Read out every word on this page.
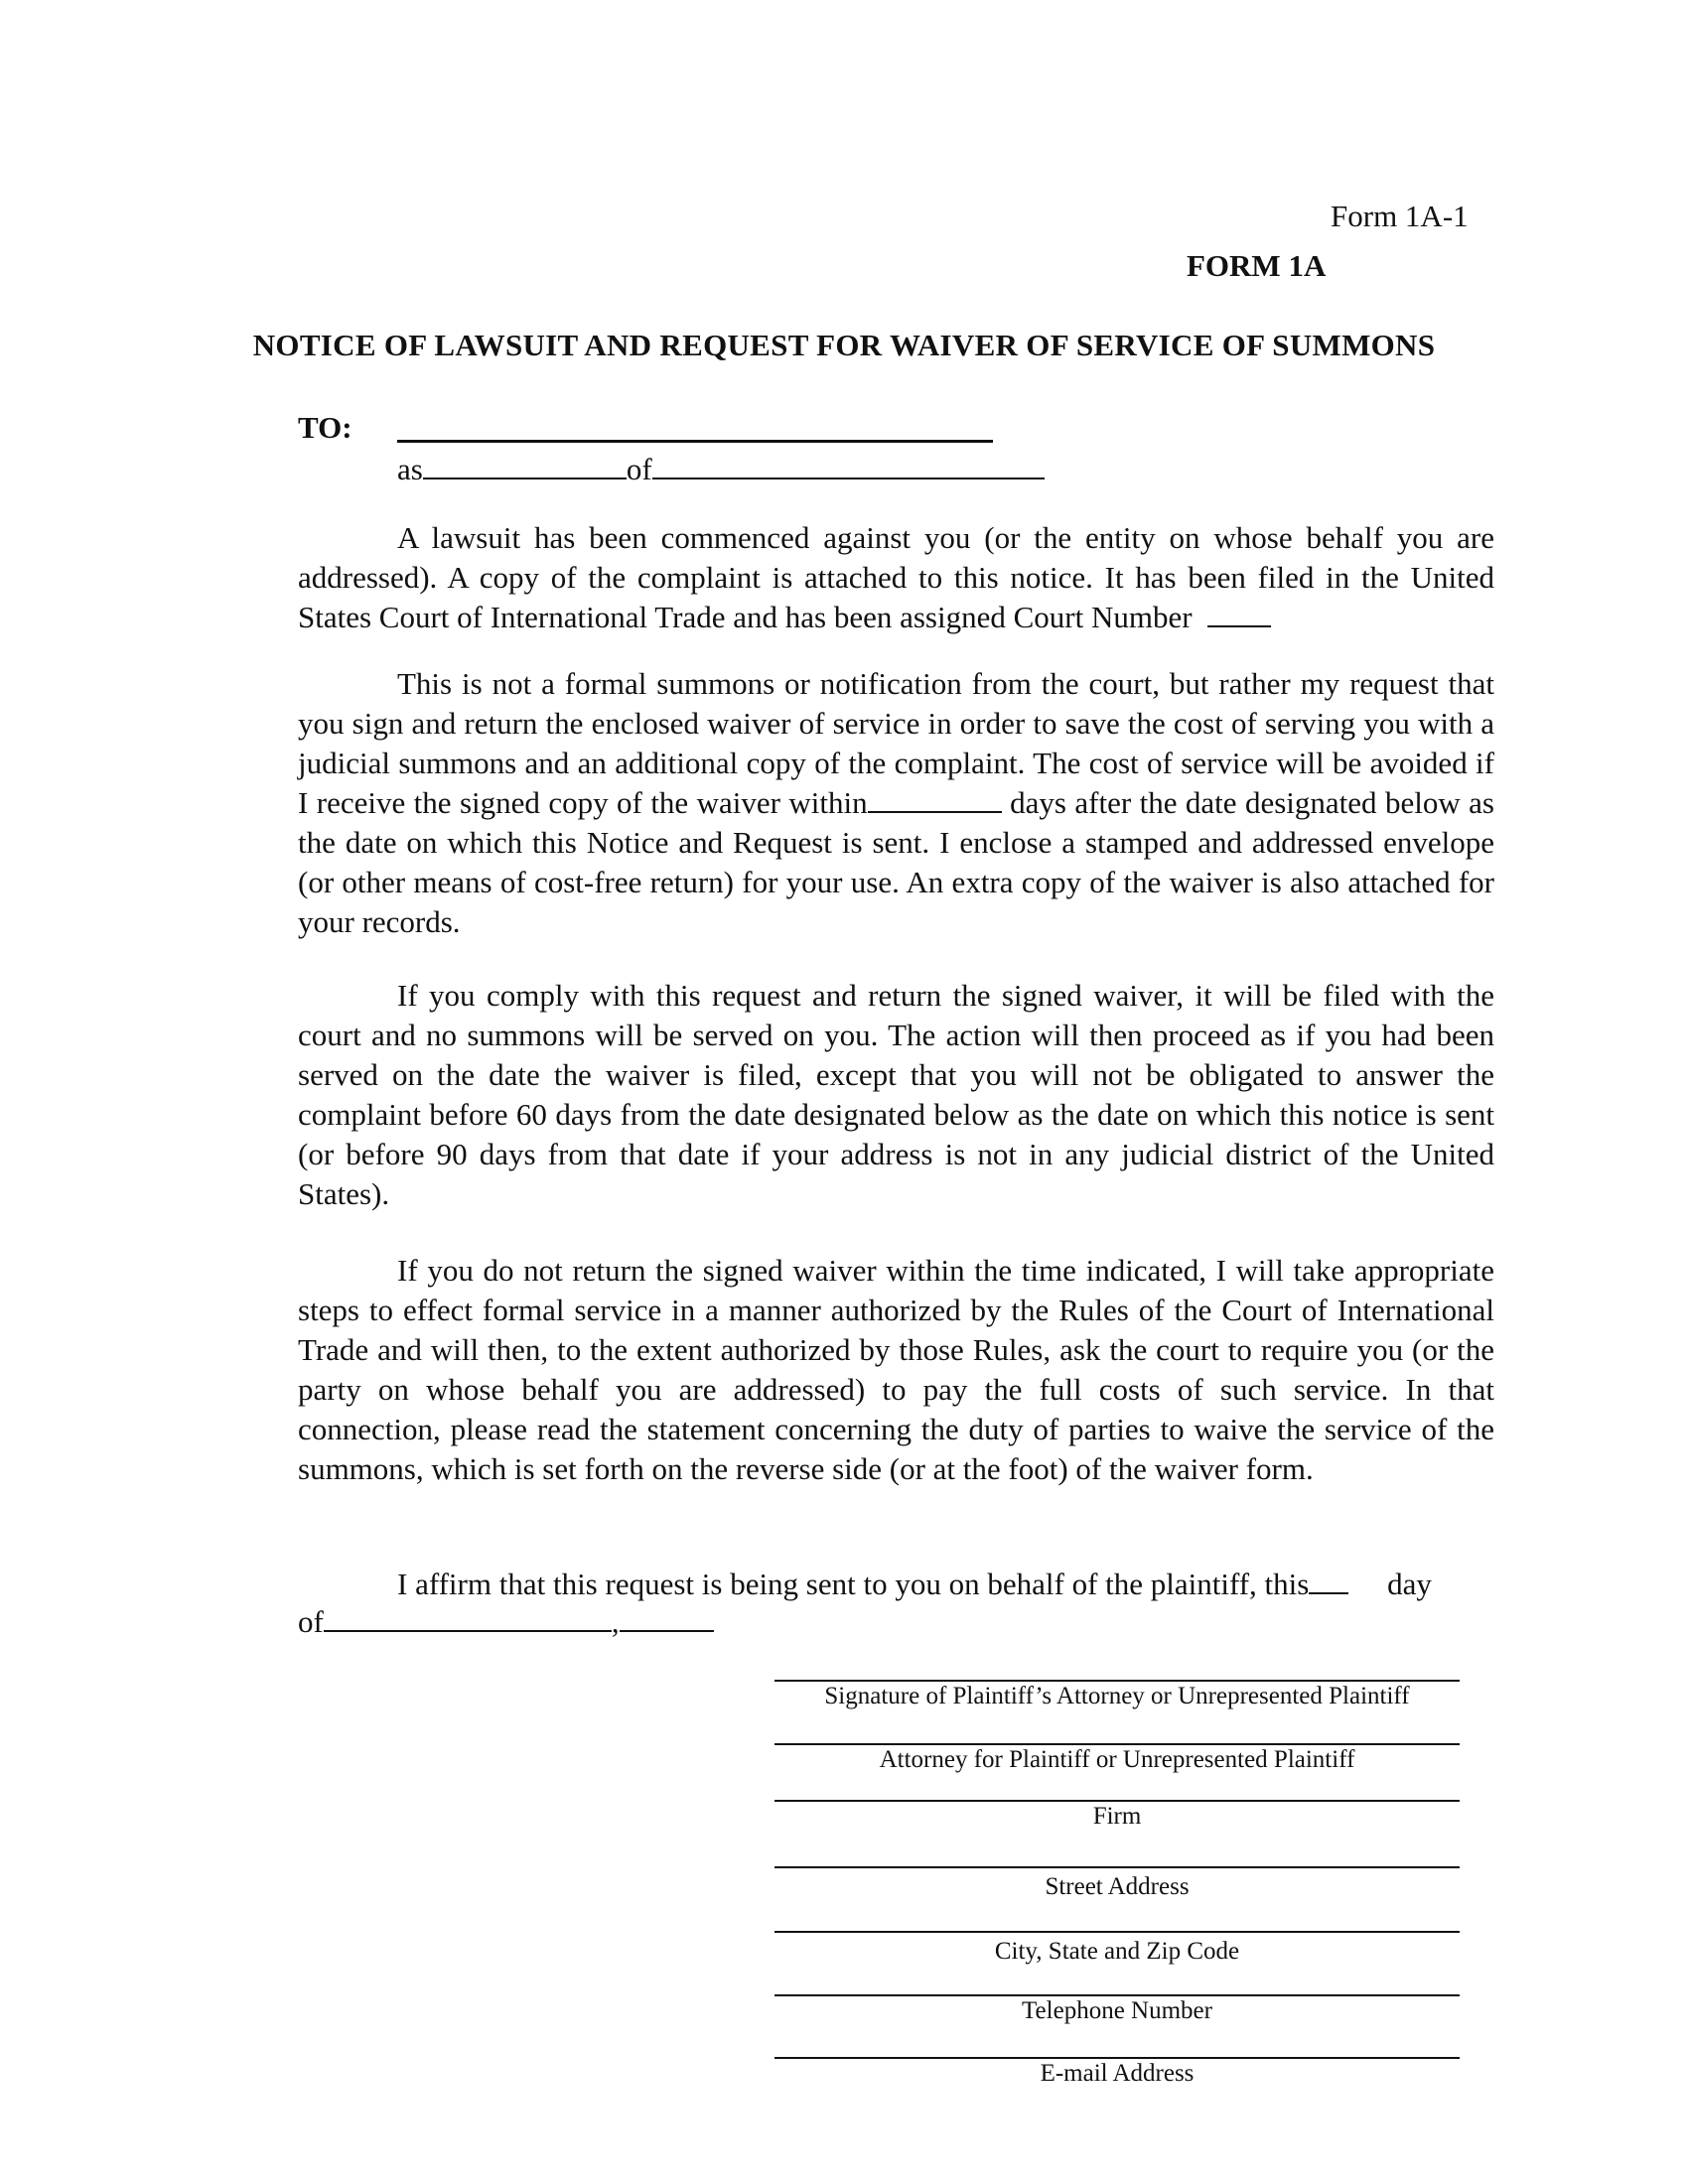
Form 1A-1
FORM 1A
NOTICE OF LAWSUIT AND REQUEST FOR WAIVER OF SERVICE OF SUMMONS
TO:
as	of
A lawsuit has been commenced against you (or the entity on whose behalf you are addressed). A copy of the complaint is attached to this notice. It has been filed in the United States Court of International Trade and has been assigned Court Number
This is not a formal summons or notification from the court, but rather my request that you sign and return the enclosed waiver of service in order to save the cost of serving you with a judicial summons and an additional copy of the complaint. The cost of service will be avoided if I receive the signed copy of the waiver within	days after the date designated below as the date on which this Notice and Request is sent. I enclose a stamped and addressed envelope (or other means of cost-free return) for your use. An extra copy of the waiver is also attached for your records.
If you comply with this request and return the signed waiver, it will be filed with the court and no summons will be served on you. The action will then proceed as if you had been served on the date the waiver is filed, except that you will not be obligated to answer the complaint before 60 days from the date designated below as the date on which this notice is sent (or before 90 days from that date if your address is not in any judicial district of the United States).
If you do not return the signed waiver within the time indicated, I will take appropriate steps to effect formal service in a manner authorized by the Rules of the Court of International Trade and will then, to the extent authorized by those Rules, ask the court to require you (or the party on whose behalf you are addressed) to pay the full costs of such service. In that connection, please read the statement concerning the duty of parties to waive the service of the summons, which is set forth on the reverse side (or at the foot) of the waiver form.
I affirm that this request is being sent to you on behalf of the plaintiff, this	day
of	,
Signature of Plaintiff’s Attorney or Unrepresented Plaintiff
Attorney for Plaintiff or Unrepresented Plaintiff
Firm
Street Address
City, State and Zip Code
Telephone Number
E-mail Address
